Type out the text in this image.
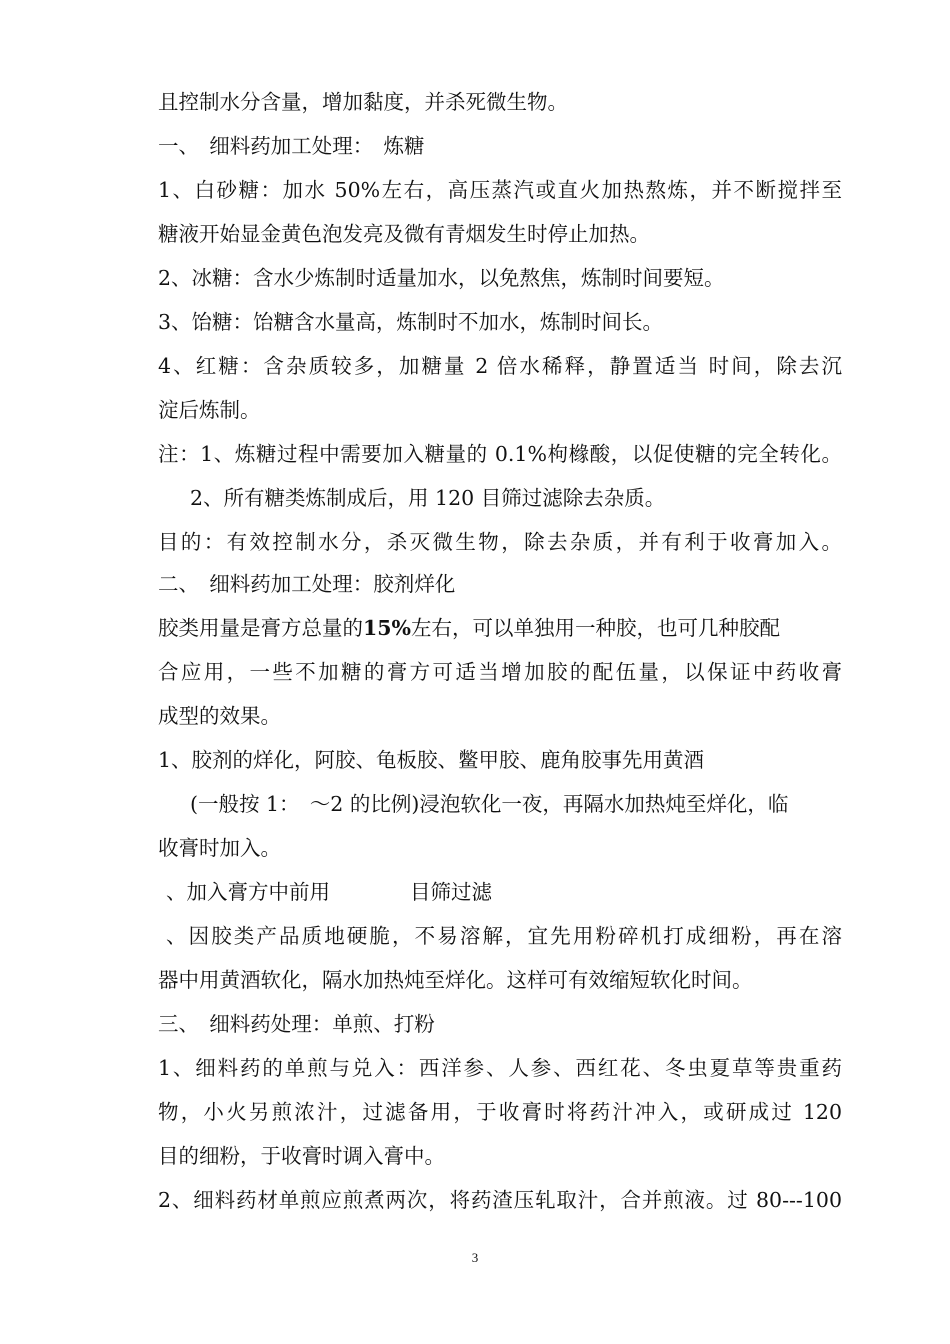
且控制水分含量，增加黏度，并杀死微生物。
一、　细料药加工处理：　炼糖
1、白砂糖：加水 50%左右，高压蒸汽或直火加热熬炼，并不断搅拌至
糖液开始显金黄色泡发亮及微有青烟发生时停止加热。
2、冰糖：含水少炼制时适量加水，以免熬焦，炼制时间要短。
3、饴糖：饴糖含水量高，炼制时不加水，炼制时间长。
4、红糖：含杂质较多，加糖量 2 倍水稀释，静置适当 时间，除去沉
淀后炼制。
注：1、炼糖过程中需要加入糖量的 0.1%枸橼酸，以促使糖的完全转化。
2、所有糖类炼制成后，用 120 目筛过滤除去杂质。
目的：有效控制水分，杀灭微生物，除去杂质，并有利于收膏加入。
二、　细料药加工处理：胶剂烊化
胶类用量是膏方总量的15%左右，可以单独用一种胶，也可几种胶配
合应用，一些不加糖的膏方可适当增加胶的配伍量，以保证中药收膏
成型的效果。
1、胶剂的烊化，阿胶、龟板胶、鳖甲胶、鹿角胶事先用黄酒
(一般按 1：　～2 的比例)浸泡软化一夜，再隔水加热炖至烊化，临
收膏时加入。
、加入膏方中前用	目筛过滤
、因胶类产品质地硬脆，不易溶解，宜先用粉碎机打成细粉，再在溶
器中用黄酒软化，隔水加热炖至烊化。这样可有效缩短软化时间。
三、　细料药处理：单煎、打粉
1、细料药的单煎与兑入：西洋参、人参、西红花、冬虫夏草等贵重药
物，小火另煎浓汁，过滤备用，于收膏时将药汁冲入，或研成过 120
目的细粉，于收膏时调入膏中。
2、细料药材单煎应煎煮两次，将药渣压轧取汁，合并煎液。过 80---100
3
